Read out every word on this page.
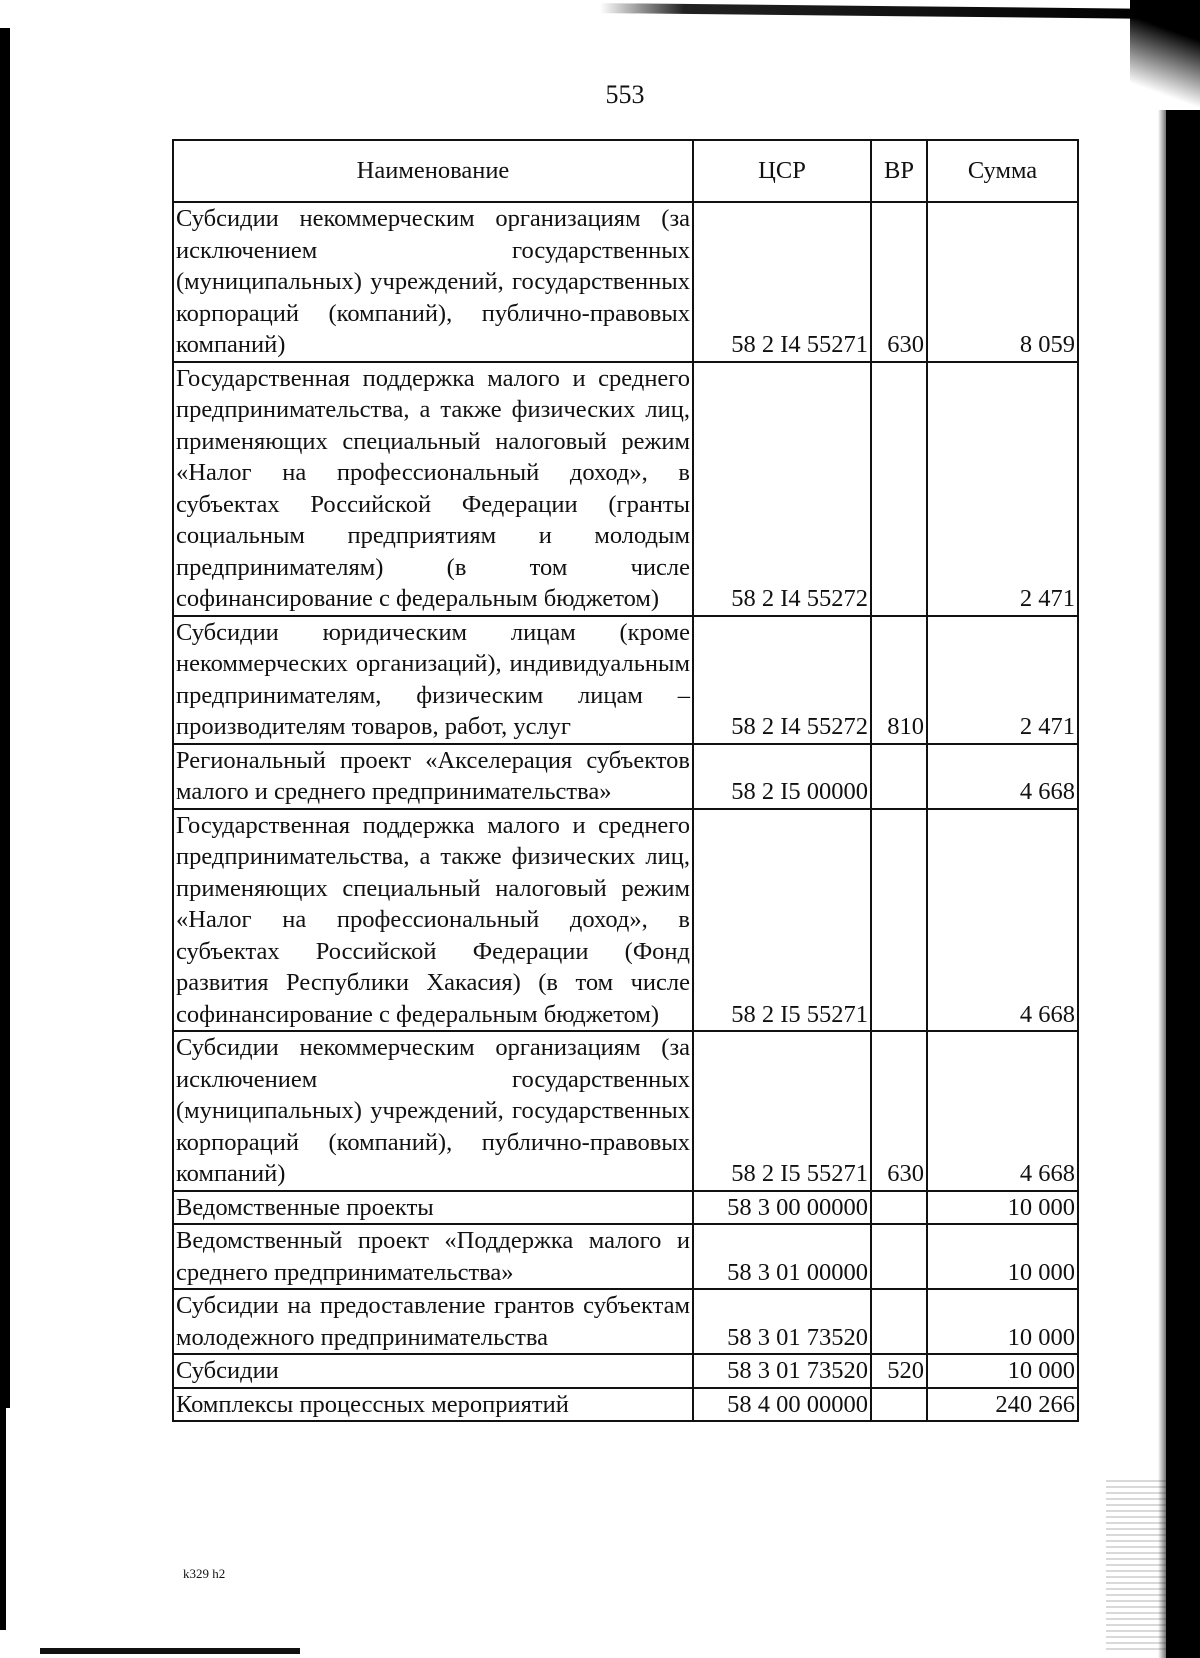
553
Наименование	ЦСР	ВР	Сумма
Субсидии некоммерческим организациям (за исключением государственных (муниципальных) учреждений, государственных корпораций (компаний), публично-правовых компаний)	58 2 I4 55271	630	8 059
Государственная поддержка малого и среднего предпринимательства, а также физических лиц, применяющих специальный налоговый режим «Налог на профессиональный доход», в субъектах Российской Федерации (гранты социальным предприятиям и молодым предпринимателям) (в том числе софинансирование с федеральным бюджетом)	58 2 I4 55272		2 471
Субсидии юридическим лицам (кроме некоммерческих организаций), индивидуальным предпринимателям, физическим лицам – производителям товаров, работ, услуг	58 2 I4 55272	810	2 471
Региональный проект «Акселерация субъектов малого и среднего предпринимательства»	58 2 I5 00000		4 668
Государственная поддержка малого и среднего предпринимательства, а также физических лиц, применяющих специальный налоговый режим «Налог на профессиональный доход», в субъектах Российской Федерации (Фонд развития Республики Хакасия) (в том числе софинансирование с федеральным бюджетом)	58 2 I5 55271		4 668
Субсидии некоммерческим организациям (за исключением государственных (муниципальных) учреждений, государственных корпораций (компаний), публично-правовых компаний)	58 2 I5 55271	630	4 668
Ведомственные проекты	58 3 00 00000		10 000
Ведомственный проект «Поддержка малого и среднего предпринимательства»	58 3 01 00000		10 000
Субсидии на предоставление грантов субъектам молодежного предпринимательства	58 3 01 73520		10 000
Субсидии	58 3 01 73520	520	10 000
Комплексы процессных мероприятий	58 4 00 00000		240 266
k329 h2
